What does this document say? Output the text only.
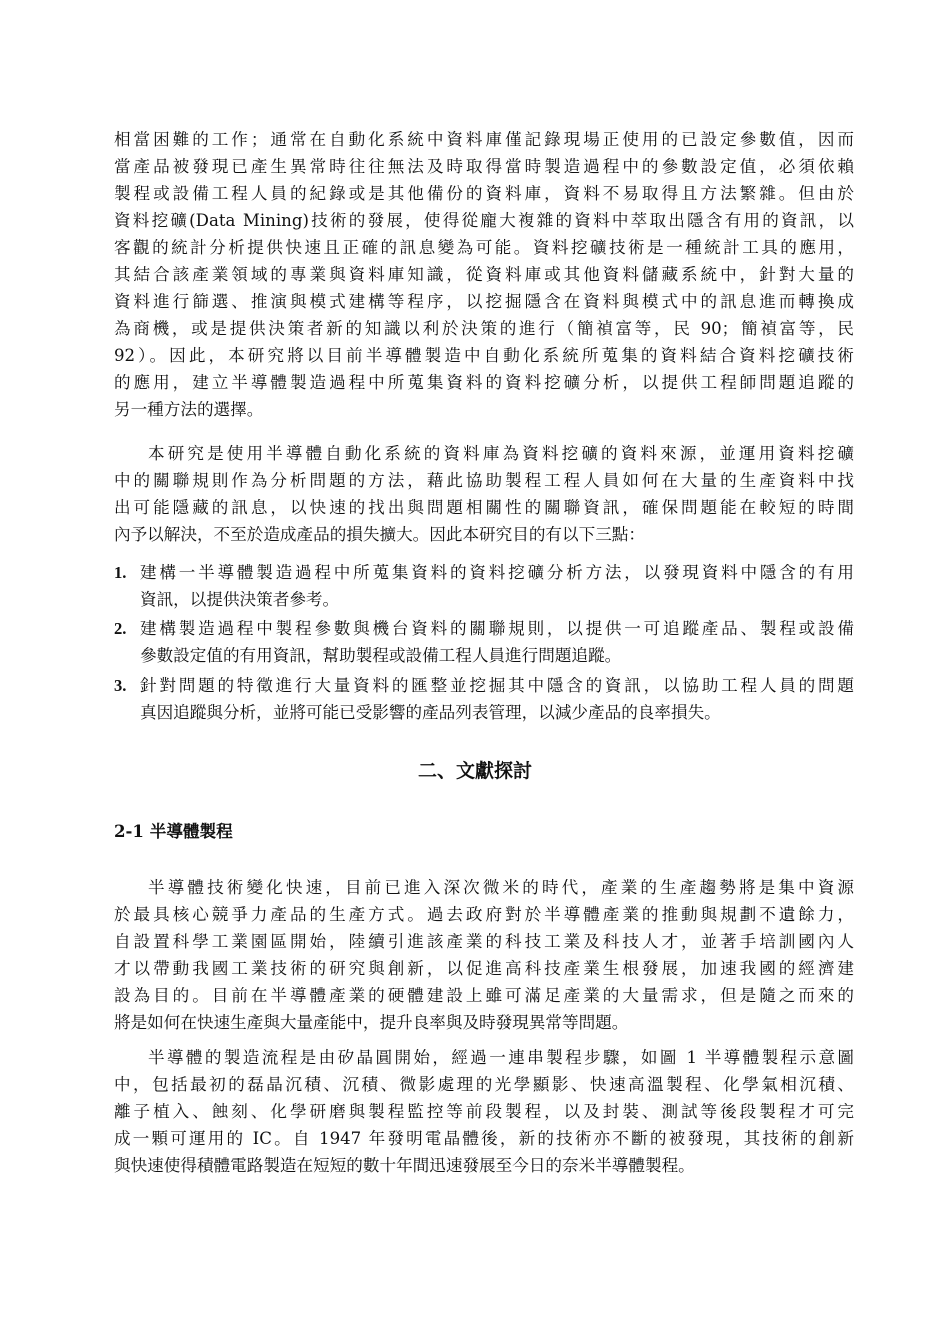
相當困難的工作；通常在自動化系統中資料庫僅記錄現場正使用的已設定參數值，因而
當產品被發現已產生異常時往往無法及時取得當時製造過程中的參數設定值，必須依賴
製程或設備工程人員的紀錄或是其他備份的資料庫，資料不易取得且方法繁雜。但由於
資料挖礦(Data Mining)技術的發展，使得從龐大複雜的資料中萃取出隱含有用的資訊，以
客觀的統計分析提供快速且正確的訊息變為可能。資料挖礦技術是一種統計工具的應用，
其結合該產業領域的專業與資料庫知識，從資料庫或其他資料儲藏系統中，針對大量的
資料進行篩選、推演與模式建構等程序，以挖掘隱含在資料與模式中的訊息進而轉換成
為商機，或是提供決策者新的知識以利於決策的進行（簡禎富等，民 90；簡禎富等，民
92）。因此，本研究將以目前半導體製造中自動化系統所蒐集的資料結合資料挖礦技術
的應用，建立半導體製造過程中所蒐集資料的資料挖礦分析，以提供工程師問題追蹤的
另一種方法的選擇。
本研究是使用半導體自動化系統的資料庫為資料挖礦的資料來源，並運用資料挖礦
中的關聯規則作為分析問題的方法，藉此協助製程工程人員如何在大量的生產資料中找
出可能隱藏的訊息，以快速的找出與問題相關性的關聯資訊，確保問題能在較短的時間
內予以解決，不至於造成產品的損失擴大。因此本研究目的有以下三點：
1. 建構一半導體製造過程中所蒐集資料的資料挖礦分析方法，以發現資料中隱含的有用
資訊，以提供決策者參考。
2. 建構製造過程中製程參數與機台資料的關聯規則，以提供一可追蹤產品、製程或設備
參數設定值的有用資訊，幫助製程或設備工程人員進行問題追蹤。
3. 針對問題的特徵進行大量資料的匯整並挖掘其中隱含的資訊，以協助工程人員的問題
真因追蹤與分析，並將可能已受影響的產品列表管理，以減少產品的良率損失。
二、文獻探討
2-1 半導體製程
半導體技術變化快速，目前已進入深次微米的時代，產業的生產趨勢將是集中資源
於最具核心競爭力產品的生產方式。過去政府對於半導體產業的推動與規劃不遺餘力，
自設置科學工業園區開始，陸續引進該產業的科技工業及科技人才，並著手培訓國內人
才以帶動我國工業技術的研究與創新，以促進高科技產業生根發展，加速我國的經濟建
設為目的。目前在半導體產業的硬體建設上雖可滿足產業的大量需求，但是隨之而來的
將是如何在快速生產與大量產能中，提升良率與及時發現異常等問題。
半導體的製造流程是由矽晶圓開始，經過一連串製程步驟，如圖 1 半導體製程示意圖
中，包括最初的磊晶沉積、沉積、微影處理的光學顯影、快速高溫製程、化學氣相沉積、
離子植入、蝕刻、化學研磨與製程監控等前段製程，以及封裝、測試等後段製程才可完
成一顆可運用的 IC。自 1947 年發明電晶體後，新的技術亦不斷的被發現，其技術的創新
與快速使得積體電路製造在短短的數十年間迅速發展至今日的奈米半導體製程。
